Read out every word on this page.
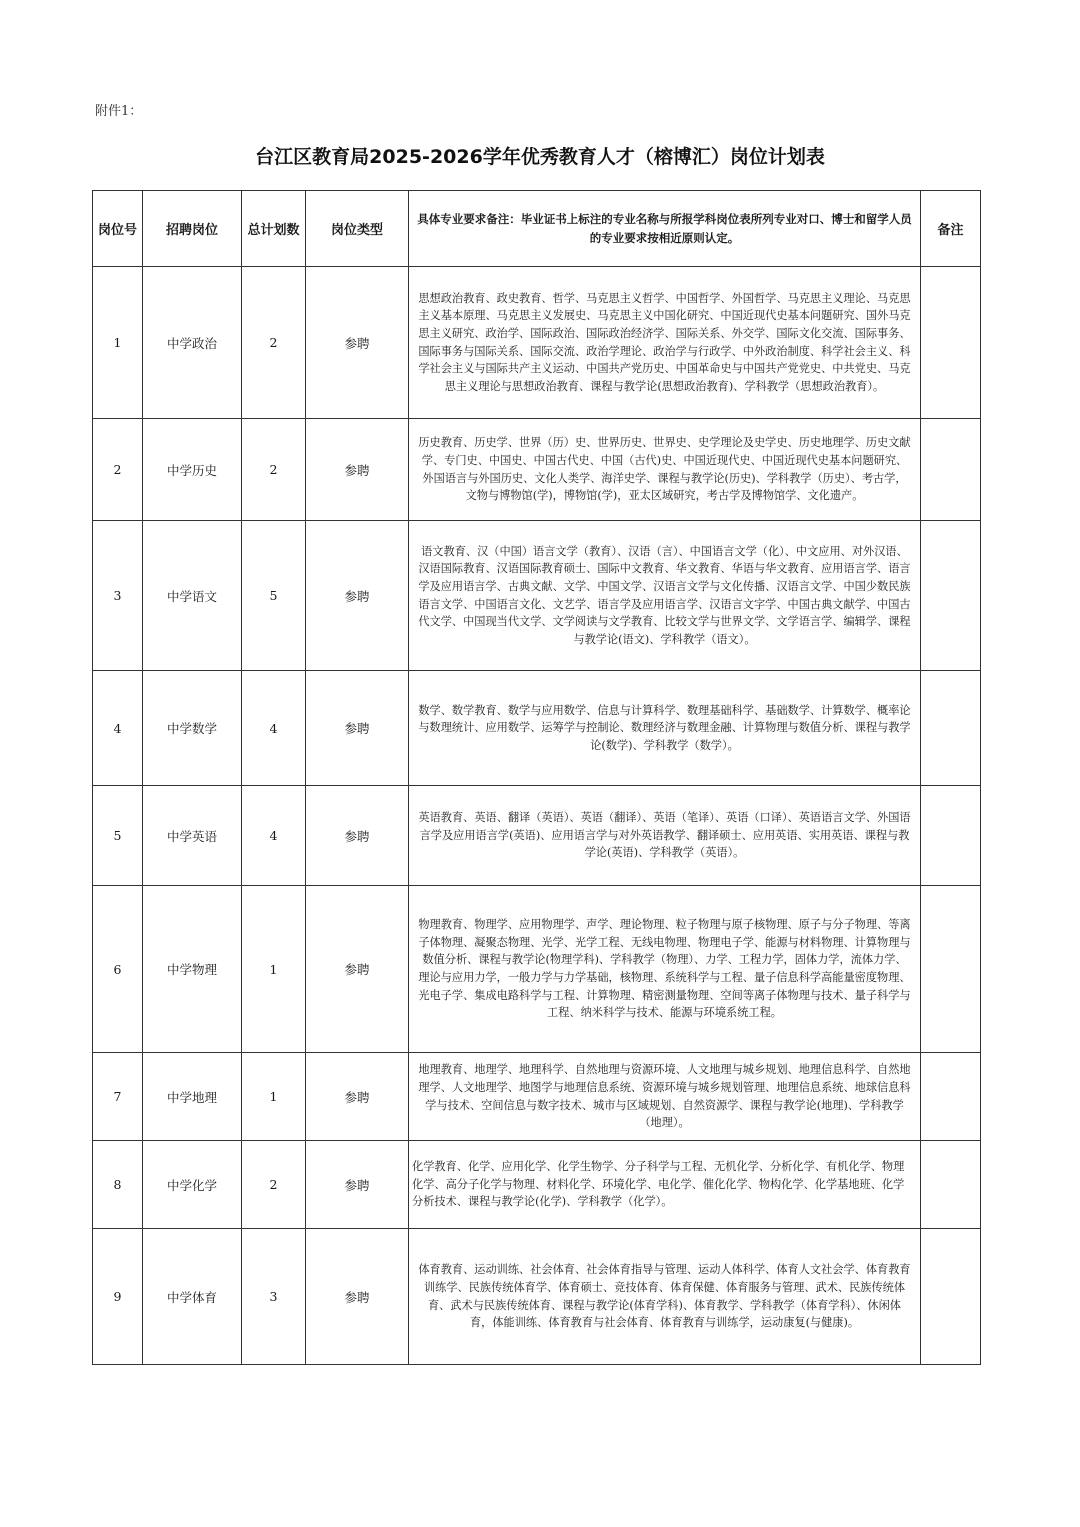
附件1：
台江区教育局2025-2026学年优秀教育人才（榕博汇）岗位计划表
岗位号	招聘岗位	总计划数	岗位类型	具体专业要求备注：毕业证书上标注的专业名称与所报学科岗位表所列专业对口、博士和留学人员的专业要求按相近原则认定。	备注
1	中学政治	2	参聘	思想政治教育、政史教育、哲学、马克思主义哲学、中国哲学、外国哲学、马克思主义理论、马克思主义基本原理、马克思主义发展史、马克思主义中国化研究、中国近现代史基本问题研究、国外马克思主义研究、政治学、国际政治、国际政治经济学、国际关系、外交学、国际文化交流、国际事务、国际事务与国际关系、国际交流、政治学理论、政治学与行政学、中外政治制度、科学社会主义、科学社会主义与国际共产主义运动、中国共产党历史、中国革命史与中国共产党党史、中共党史、马克思主义理论与思想政治教育、课程与教学论(思想政治教育)、学科教学（思想政治教育）。	
2	中学历史	2	参聘	历史教育、历史学、世界（历）史、世界历史、世界史、史学理论及史学史、历史地理学、历史文献学、专门史、中国史、中国古代史、中国（古代)史、中国近现代史、中国近现代史基本问题研究、外国语言与外国历史、文化人类学、海洋史学、课程与教学论(历史)、学科教学（历史）、考古学，文物与博物馆(学)，博物馆(学)，亚太区域研究，考古学及博物馆学、文化遗产。	
3	中学语文	5	参聘	语文教育、汉（中国）语言文学（教育）、汉语（言）、中国语言文学（化）、中文应用、对外汉语、汉语国际教育、汉语国际教育硕士、国际中文教育、华文教育、华语与华文教育、应用语言学、语言学及应用语言学、古典文献、文学、中国文学、汉语言文学与文化传播、汉语言文学、中国少数民族语言文学、中国语言文化、文艺学、语言学及应用语言学、汉语言文字学、中国古典文献学、中国古代文学、中国现当代文学、文学阅读与文学教育、比较文学与世界文学、文学语言学、编辑学、课程与教学论(语文)、学科教学（语文）。	
4	中学数学	4	参聘	数学、数学教育、数学与应用数学、信息与计算科学、数理基础科学、基础数学、计算数学、概率论与数理统计、应用数学、运筹学与控制论、数理经济与数理金融、计算物理与数值分析、课程与教学论(数学)、学科教学（数学）。	
5	中学英语	4	参聘	英语教育、英语、翻译（英语）、英语（翻译）、英语（笔译）、英语（口译）、英语语言文学、外国语言学及应用语言学(英语)、应用语言学与对外英语教学、翻译硕士、应用英语、实用英语、课程与教学论(英语)、学科教学（英语）。	
6	中学物理	1	参聘	物理教育、物理学、应用物理学、声学、理论物理、粒子物理与原子核物理、原子与分子物理、等离子体物理、凝聚态物理、光学、光学工程、无线电物理、物理电子学、能源与材料物理、计算物理与数值分析、课程与教学论(物理学科)、学科教学（物理）、力学、工程力学，固体力学，流体力学、理论与应用力学，一般力学与力学基础，核物理、系统科学与工程、量子信息科学高能量密度物理、光电子学、集成电路科学与工程、计算物理、精密测量物理、空间等离子体物理与技术、量子科学与工程、纳米科学与技术、能源与环境系统工程。	
7	中学地理	1	参聘	地理教育、地理学、地理科学、自然地理与资源环境、人文地理与城乡规划、地理信息科学、自然地理学、人文地理学、地图学与地理信息系统、资源环境与城乡规划管理、地理信息系统、地球信息科学与技术、空间信息与数字技术、城市与区域规划、自然资源学、课程与教学论(地理)、学科教学（地理）。	
8	中学化学	2	参聘	化学教育、化学、应用化学、化学生物学、分子科学与工程、无机化学、分析化学、有机化学、物理化学、高分子化学与物理、材料化学、环境化学、电化学、催化化学、物构化学、化学基地班、化学分析技术、课程与教学论(化学)、学科教学（化学）。	
9	中学体育	3	参聘	体育教育、运动训练、社会体育、社会体育指导与管理、运动人体科学、体育人文社会学、体育教育训练学、民族传统体育学、体育硕士、竞技体育、体育保健、体育服务与管理、武术、民族传统体育、武术与民族传统体育、课程与教学论(体育学科)、体育教学、学科教学（体育学科）、休闲体育，体能训练、体育教育与社会体育、体育教育与训练学，运动康复(与健康)。	
